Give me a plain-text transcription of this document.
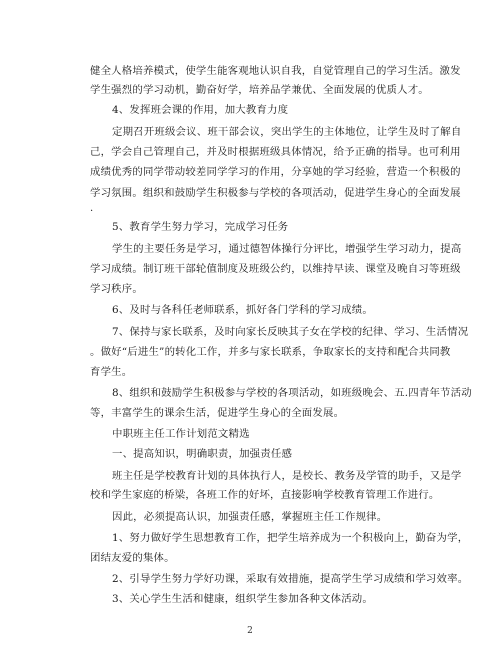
健全人格培养模式，使学生能客观地认识自我，自觉管理自己的学习生活。激发
学生强烈的学习动机，勤奋好学，培养品学兼优、全面发展的优质人才。
4、发挥班会课的作用，加大教育力度
定期召开班级会议、班干部会议，突出学生的主体地位，让学生及时了解自
己，学会自己管理自己，并及时根据班级具体情况，给予正确的指导。也可利用
成绩优秀的同学带动较差同学学习的作用，分享她的学习经验，营造一个积极的
学习氛围。组织和鼓励学生积极参与学校的各项活动，促进学生身心的全面发展
.
5、教育学生努力学习，完成学习任务
学生的主要任务是学习，通过德智体操行分评比，增强学生学习动力，提高
学习成绩。制订班干部轮值制度及班级公约，以维持早读、课堂及晚自习等班级
学习秩序。
6、及时与各科任老师联系，抓好各门学科的学习成绩。
7、保持与家长联系，及时向家长反映其子女在学校的纪律、学习、生活情况
。做好“后进生”的转化工作，并多与家长联系，争取家长的支持和配合共同教
育学生。
8、组织和鼓励学生积极参与学校的各项活动，如班级晚会、五.四青年节活动
等，丰富学生的课余生活，促进学生身心的全面发展。
中职班主任工作计划范文精选
一、提高知识，明确职责，加强责任感
班主任是学校教育计划的具体执行人，是校长、教务及学管的助手，又是学
校和学生家庭的桥梁，各班工作的好坏，直接影响学校教育管理工作进行。
因此，必须提高认识，加强责任感，掌握班主任工作规律。
1、努力做好学生思想教育工作，把学生培养成为一个积极向上，勤奋为学，
团结友爱的集体。
2、引导学生努力学好功课，采取有效措施，提高学生学习成绩和学习效率。
3、关心学生生活和健康，组织学生参加各种文体活动。
2
